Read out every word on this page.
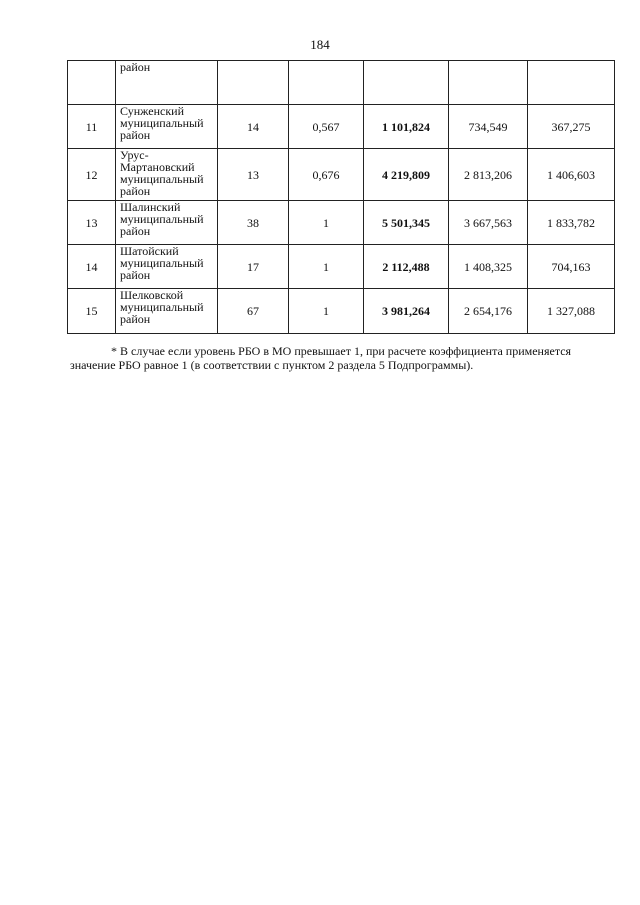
184

	район					

11	Сунженский
муниципальный
район	14	0,567	1 101,824	734,549	367,275
12	Урус-
Мартановский
муниципальный
район	13	0,676	4 219,809	2 813,206	1 406,603
13	Шалинский
муниципальный
район	38	1	5 501,345	3 667,563	1 833,782
14	Шатойский
муниципальный
район	17	1	2 112,488	1 408,325	704,163
15	Шелковской
муниципальный
район	67	1	3 981,264	2 654,176	1 327,088
* В случае если уровень РБО в МО превышает 1, при расчете коэффициента применяется
значение РБО равное 1 (в соответствии с пунктом 2 раздела 5 Подпрограммы).
